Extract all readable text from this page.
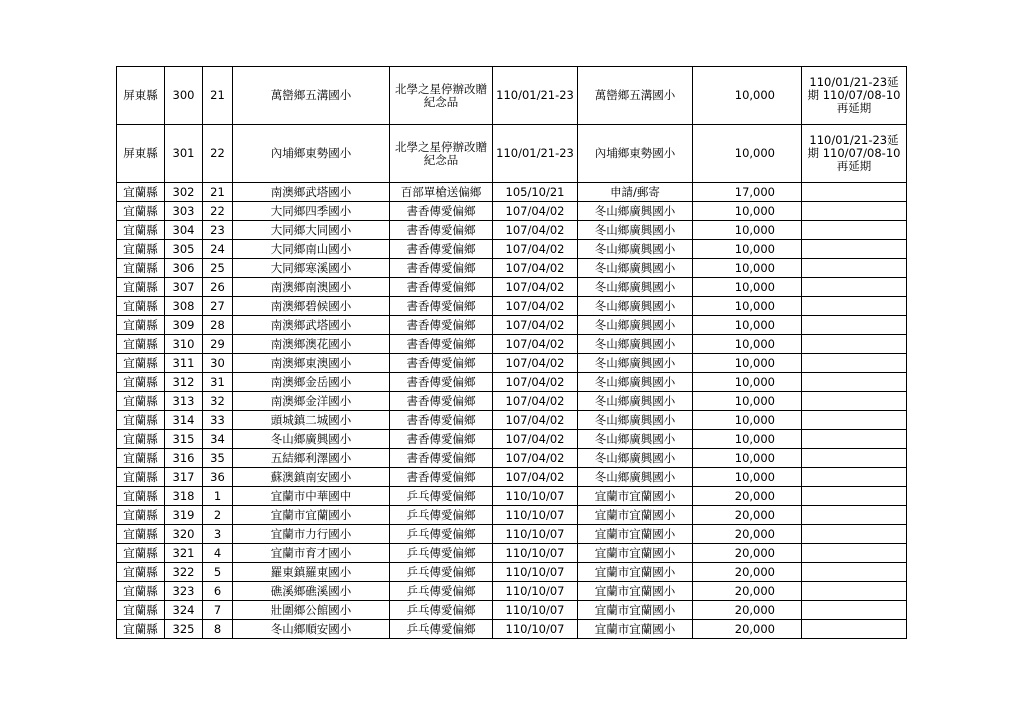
屏東縣	300	21	萬巒鄉五溝國小	北學之星停辦改贈紀念品	110/01/21-23	萬巒鄉五溝國小	10,000	110/01/21-23延期 110/07/08-10再延期
屏東縣	301	22	內埔鄉東勢國小	北學之星停辦改贈紀念品	110/01/21-23	內埔鄉東勢國小	10,000	110/01/21-23延期 110/07/08-10再延期
宜蘭縣	302	21	南澳鄉武塔國小	百部單槍送偏鄉	105/10/21	申請/郵寄	17,000	
宜蘭縣	303	22	大同鄉四季國小	書香傳愛偏鄉	107/04/02	冬山鄉廣興國小	10,000	
宜蘭縣	304	23	大同鄉大同國小	書香傳愛偏鄉	107/04/02	冬山鄉廣興國小	10,000	
宜蘭縣	305	24	大同鄉南山國小	書香傳愛偏鄉	107/04/02	冬山鄉廣興國小	10,000	
宜蘭縣	306	25	大同鄉寒溪國小	書香傳愛偏鄉	107/04/02	冬山鄉廣興國小	10,000	
宜蘭縣	307	26	南澳鄉南澳國小	書香傳愛偏鄉	107/04/02	冬山鄉廣興國小	10,000	
宜蘭縣	308	27	南澳鄉碧候國小	書香傳愛偏鄉	107/04/02	冬山鄉廣興國小	10,000	
宜蘭縣	309	28	南澳鄉武塔國小	書香傳愛偏鄉	107/04/02	冬山鄉廣興國小	10,000	
宜蘭縣	310	29	南澳鄉澳花國小	書香傳愛偏鄉	107/04/02	冬山鄉廣興國小	10,000	
宜蘭縣	311	30	南澳鄉東澳國小	書香傳愛偏鄉	107/04/02	冬山鄉廣興國小	10,000	
宜蘭縣	312	31	南澳鄉金岳國小	書香傳愛偏鄉	107/04/02	冬山鄉廣興國小	10,000	
宜蘭縣	313	32	南澳鄉金洋國小	書香傳愛偏鄉	107/04/02	冬山鄉廣興國小	10,000	
宜蘭縣	314	33	頭城鎮二城國小	書香傳愛偏鄉	107/04/02	冬山鄉廣興國小	10,000	
宜蘭縣	315	34	冬山鄉廣興國小	書香傳愛偏鄉	107/04/02	冬山鄉廣興國小	10,000	
宜蘭縣	316	35	五結鄉利澤國小	書香傳愛偏鄉	107/04/02	冬山鄉廣興國小	10,000	
宜蘭縣	317	36	蘇澳鎮南安國小	書香傳愛偏鄉	107/04/02	冬山鄉廣興國小	10,000	
宜蘭縣	318	1	宜蘭市中華國中	乒乓傳愛偏鄉	110/10/07	宜蘭市宜蘭國小	20,000	
宜蘭縣	319	2	宜蘭市宜蘭國小	乒乓傳愛偏鄉	110/10/07	宜蘭市宜蘭國小	20,000	
宜蘭縣	320	3	宜蘭市力行國小	乒乓傳愛偏鄉	110/10/07	宜蘭市宜蘭國小	20,000	
宜蘭縣	321	4	宜蘭市育才國小	乒乓傳愛偏鄉	110/10/07	宜蘭市宜蘭國小	20,000	
宜蘭縣	322	5	羅東鎮羅東國小	乒乓傳愛偏鄉	110/10/07	宜蘭市宜蘭國小	20,000	
宜蘭縣	323	6	礁溪鄉礁溪國小	乒乓傳愛偏鄉	110/10/07	宜蘭市宜蘭國小	20,000	
宜蘭縣	324	7	壯圍鄉公館國小	乒乓傳愛偏鄉	110/10/07	宜蘭市宜蘭國小	20,000	
宜蘭縣	325	8	冬山鄉順安國小	乒乓傳愛偏鄉	110/10/07	宜蘭市宜蘭國小	20,000	
